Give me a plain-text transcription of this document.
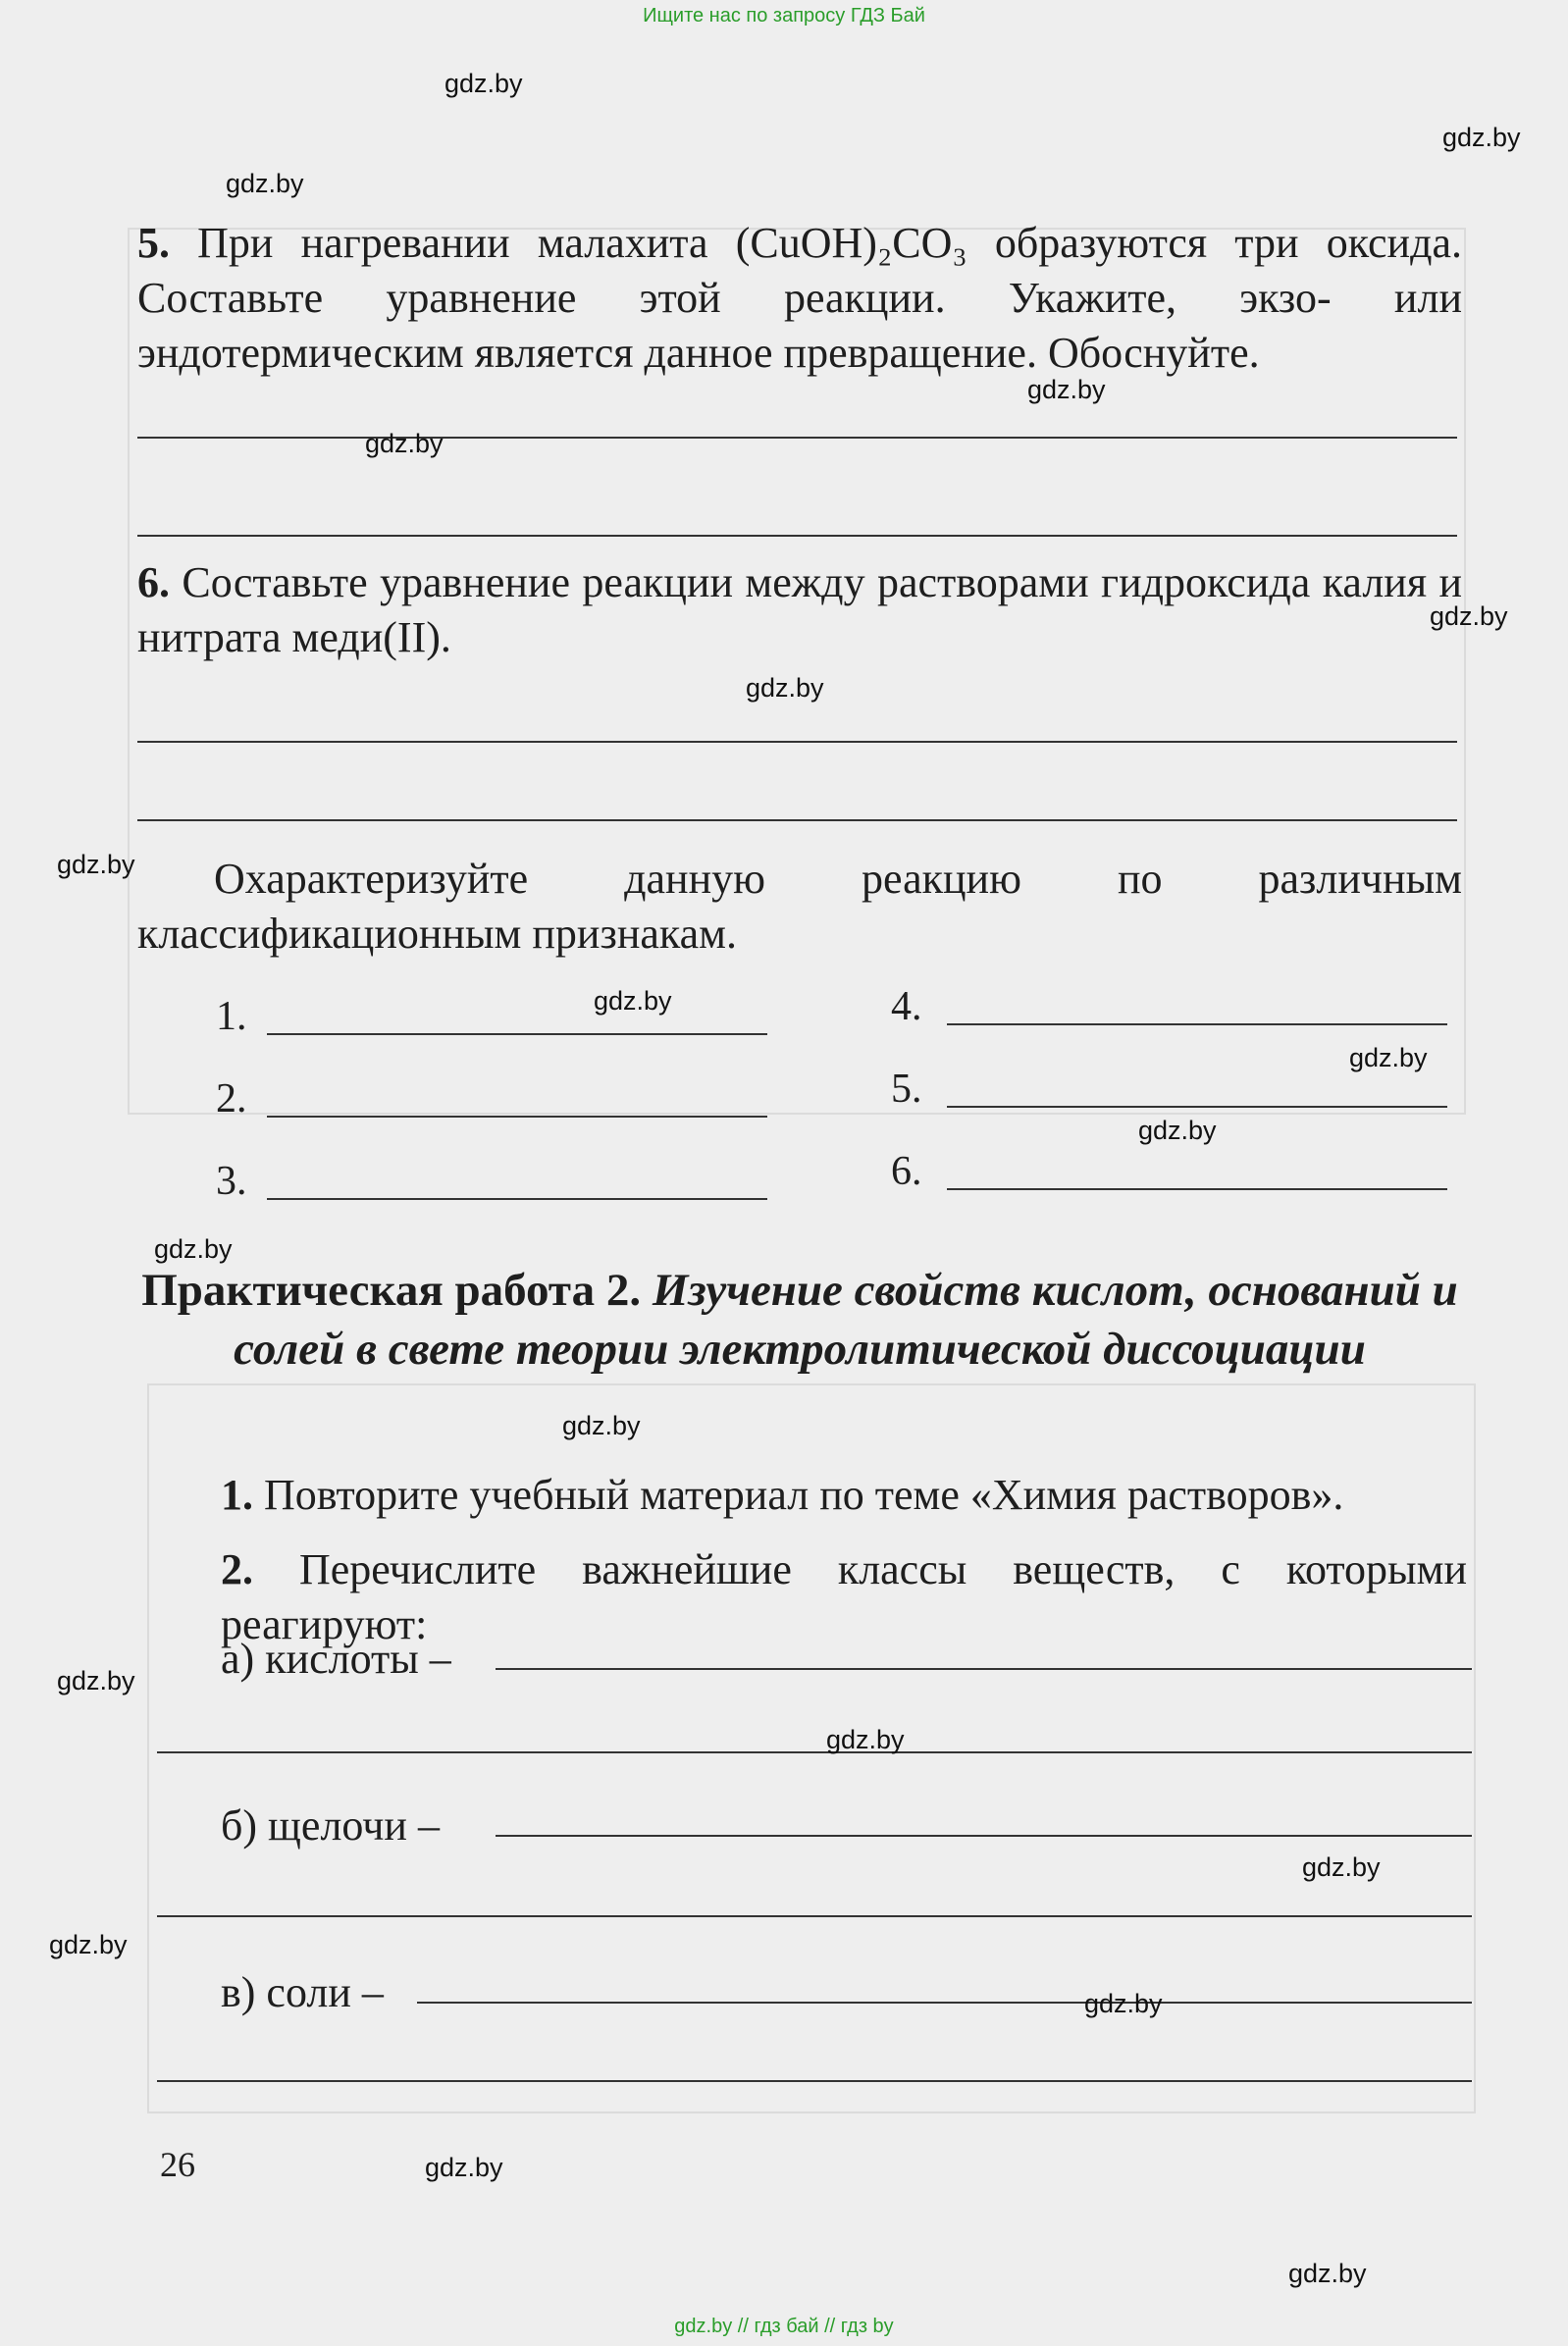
Ищите нас по запросу ГДЗ Бай
5. При нагревании малахита (CuOH)₂CO₃ образуются три оксида. Составьте уравнение этой реакции. Укажите, экзо- или эндотермическим является данное превращение. Обоснуйте.
6. Составьте уравнение реакции между растворами гидроксида калия и нитрата меди(II).
Охарактеризуйте данную реакцию по различным классификационным признакам.
1.
2.
3.
4.
5.
6.
Практическая работа 2. Изучение свойств кислот, оснований и солей в свете теории электролитической диссоциации
1. Повторите учебный материал по теме «Химия растворов».
2. Перечислите важнейшие классы веществ, с которыми реагируют:
а) кислоты –
б) щелочи –
в) соли –
26
gdz.by
gdz.by
gdz.by
gdz.by
gdz.by
gdz.by
gdz.by
gdz.by
gdz.by
gdz.by
gdz.by
gdz.by
gdz.by
gdz.by
gdz.by
gdz.by
gdz.by
gdz.by
gdz.by
gdz.by
gdz.by // гдз бай // гдз by
